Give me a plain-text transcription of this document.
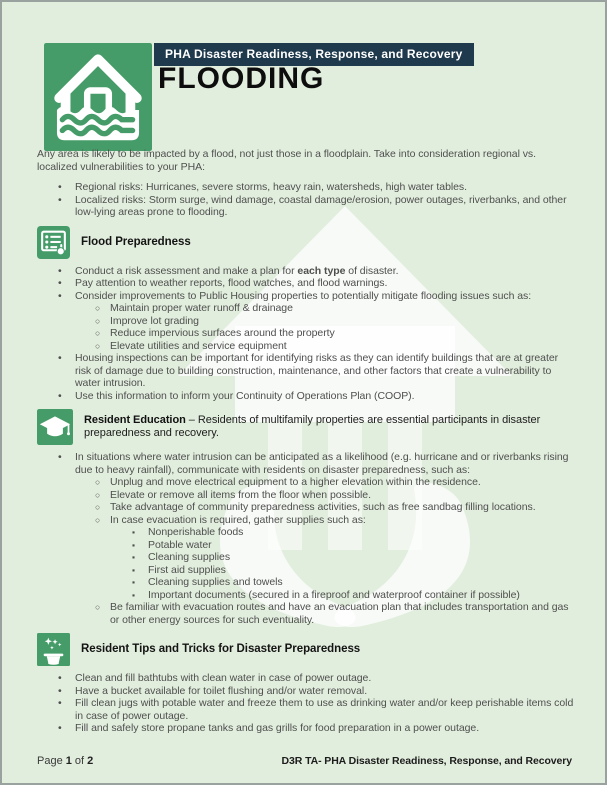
PHA Disaster Readiness, Response, and Recovery
FLOODING

Any area is likely to be impacted by a flood, not just those in a floodplain. Take into consideration regional vs. localized vulnerabilities to your PHA:

•	Regional risks: Hurricanes, severe storms, heavy rain, watersheds, high water tables.
•	Localized risks: Storm surge, wind damage, coastal damage/erosion, power outages, riverbanks, and other low-lying areas prone to flooding.
Flood Preparedness
•	Conduct a risk assessment and make a plan for each type of disaster.
•	Pay attention to weather reports, flood watches, and flood warnings.
•	Consider improvements to Public Housing properties to potentially mitigate flooding issues such as:
○ Maintain proper water runoff & drainage
○ Improve lot grading
○ Reduce impervious surfaces around the property
○ Elevate utilities and service equipment
•	Housing inspections can be important for identifying risks as they can identify buildings that are at greater risk of damage due to building construction, maintenance, and other factors that create a vulnerability to water intrusion.
•	Use this information to inform your Continuity of Operations Plan (COOP).
Resident Education – Residents of multifamily properties are essential participants in disaster preparedness and recovery.
•	In situations where water intrusion can be anticipated as a likelihood (e.g. hurricane and or riverbanks rising due to heavy rainfall), communicate with residents on disaster preparedness, such as:
○ Unplug and move electrical equipment to a higher elevation within the residence.
○ Elevate or remove all items from the floor when possible.
○ Take advantage of community preparedness activities, such as free sandbag filling locations.
○ In case evacuation is required, gather supplies such as:
▪	Nonperishable foods
▪	Potable water
▪	Cleaning supplies
▪	First aid supplies
▪	Cleaning supplies and towels
▪	Important documents (secured in a fireproof and waterproof container if possible)
○ Be familiar with evacuation routes and have an evacuation plan that includes transportation and gas or other energy sources for such eventuality.
Resident Tips and Tricks for Disaster Preparedness
•	Clean and fill bathtubs with clean water in case of power outage.
•	Have a bucket available for toilet flushing and/or water removal.
•	Fill clean jugs with potable water and freeze them to use as drinking water and/or keep perishable items cold in case of power outage.
•	Fill and safely store propane tanks and gas grills for food preparation in a power outage.
Page 1 of 2	D3R TA- PHA Disaster Readiness, Response, and Recovery
